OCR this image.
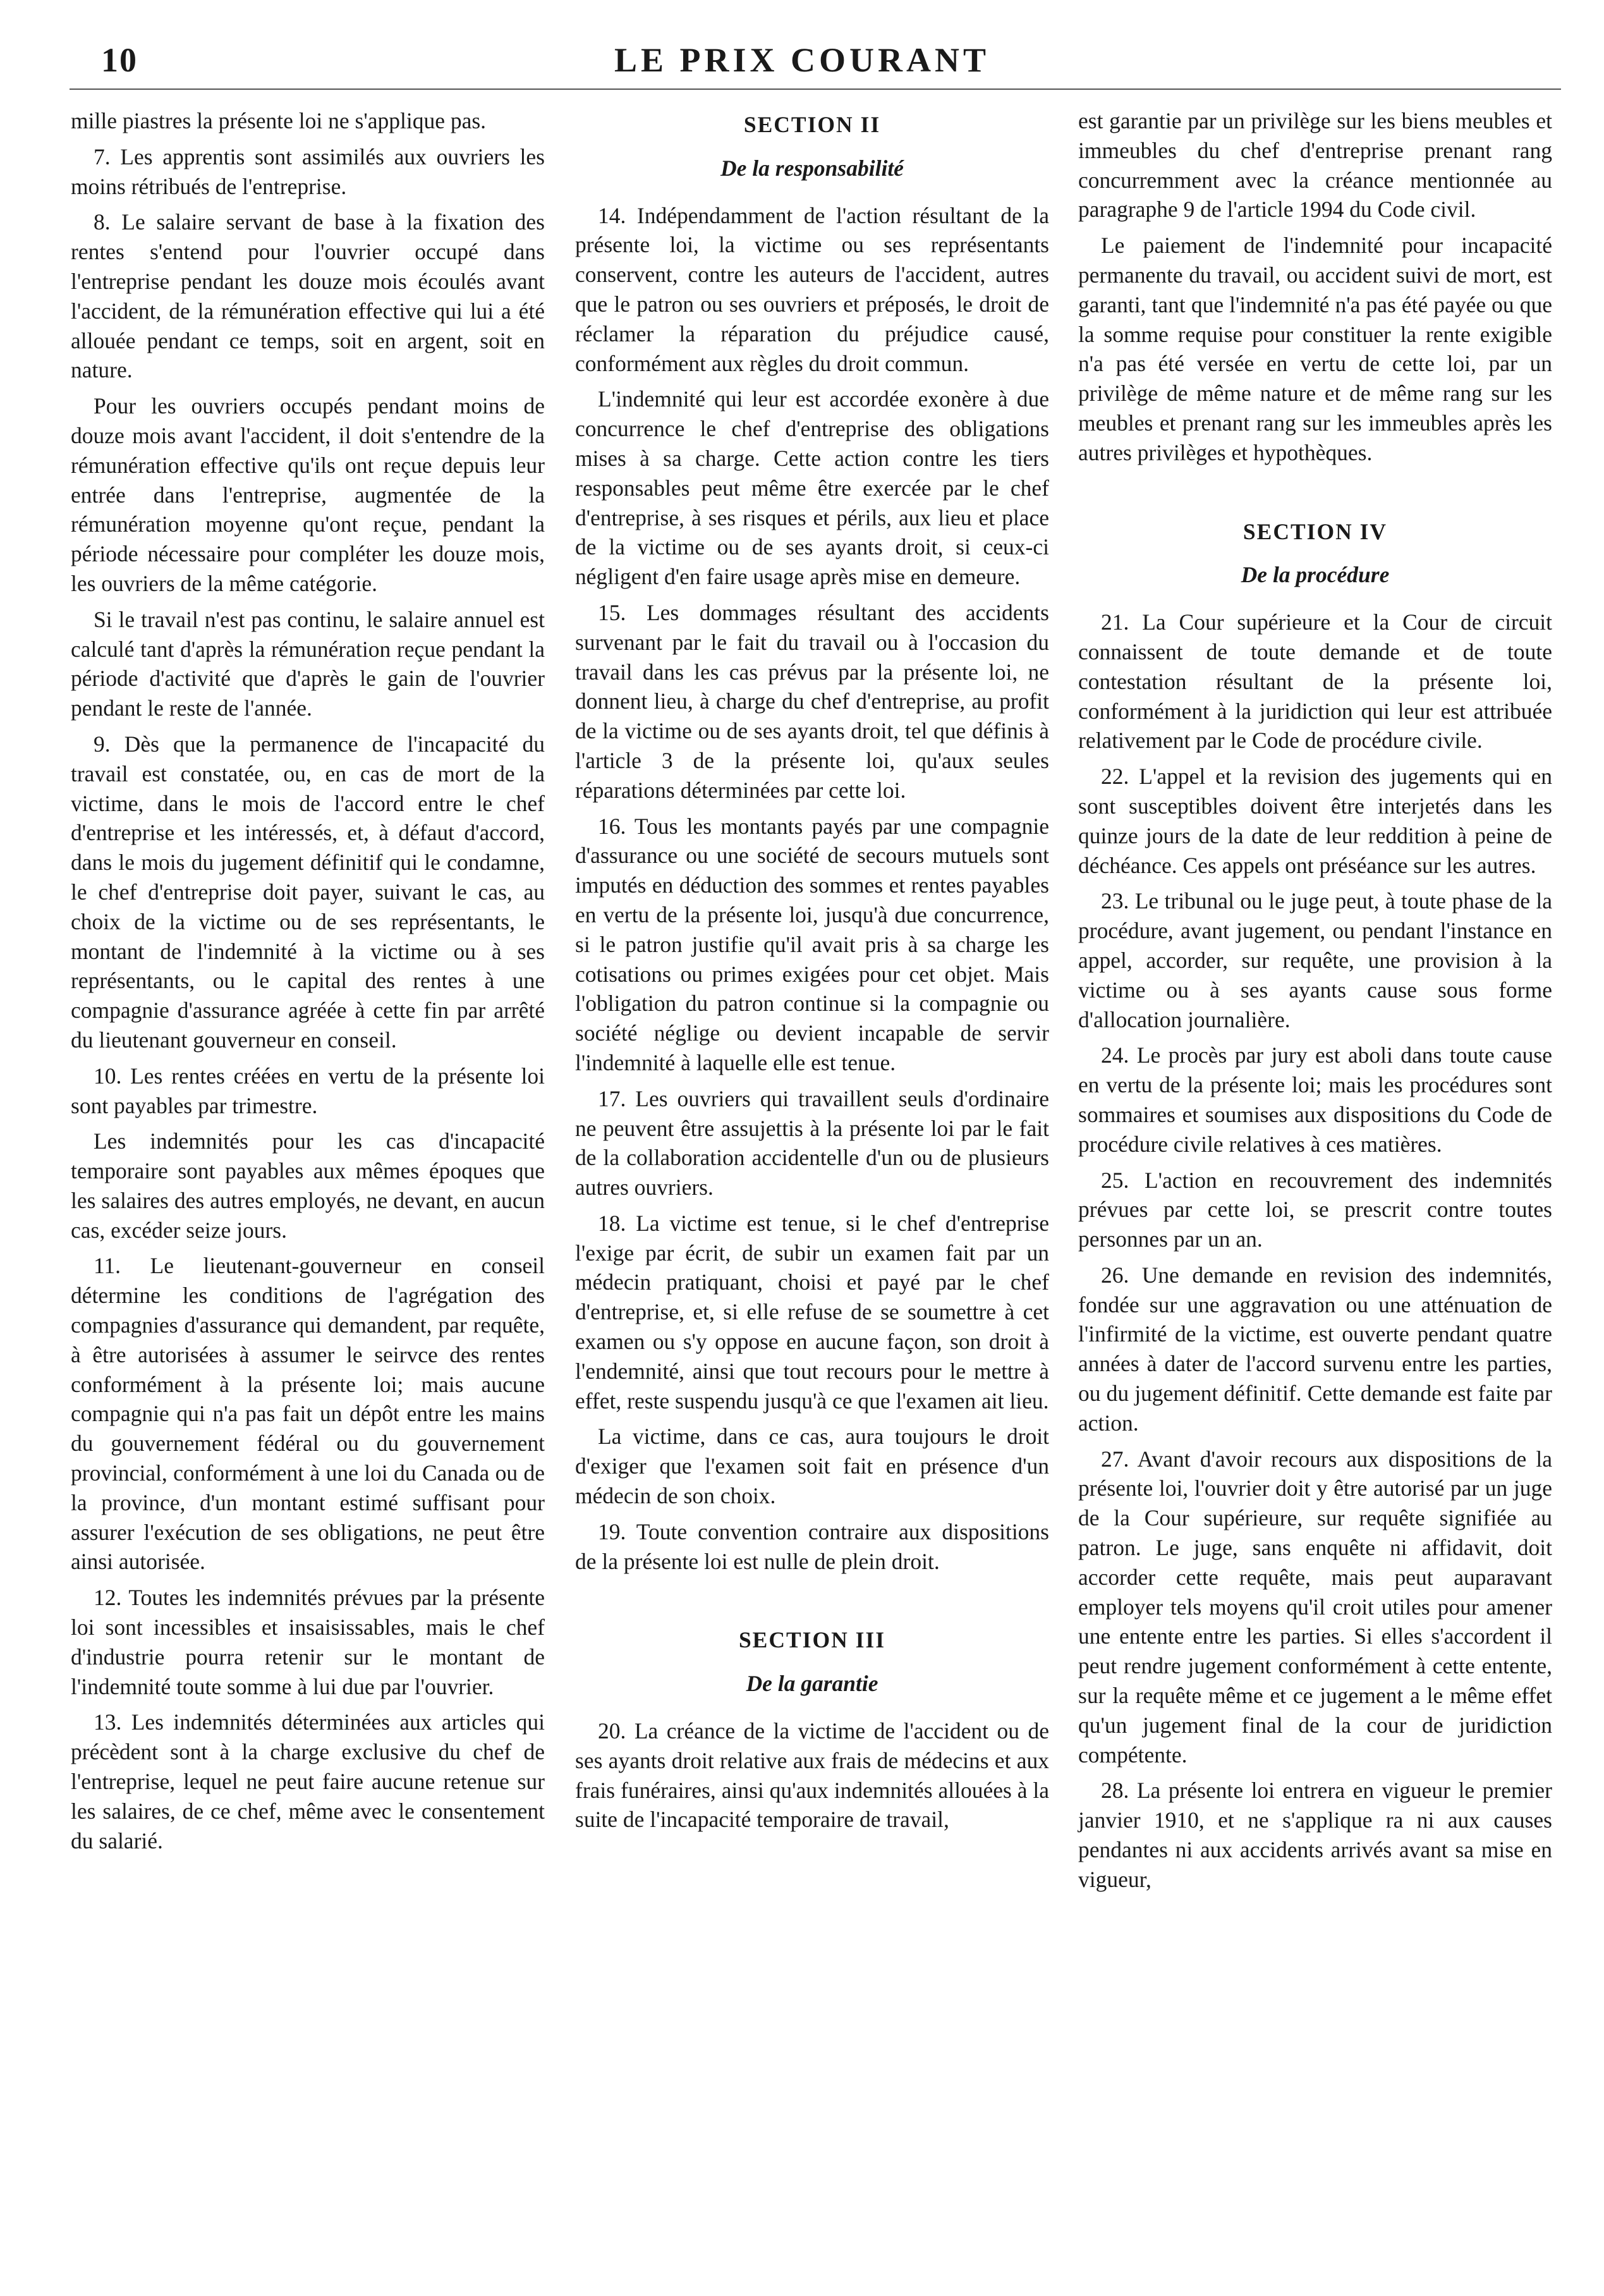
10	LE PRIX COURANT

mille piastres la présente loi ne s'applique pas.

7. Les apprentis sont assimilés aux ouvriers les moins rétribués de l'entreprise.

8. Le salaire servant de base à la fixation des rentes s'entend pour l'ouvrier occupé dans l'entreprise pendant les douze mois écoulés avant l'accident, de la rémunération effective qui lui a été allouée pendant ce temps, soit en argent, soit en nature.

Pour les ouvriers occupés pendant moins de douze mois avant l'accident, il doit s'entendre de la rémunération effective qu'ils ont reçue depuis leur entrée dans l'entreprise, augmentée de la rémunération moyenne qu'ont reçue, pendant la période nécessaire pour compléter les douze mois, les ouvriers de la même catégorie.

Si le travail n'est pas continu, le salaire annuel est calculé tant d'après la rémunération reçue pendant la période d'activité que d'après le gain de l'ouvrier pendant le reste de l'année.

9. Dès que la permanence de l'incapacité du travail est constatée, ou, en cas de mort de la victime, dans le mois de l'accord entre le chef d'entreprise et les intéressés, et, à défaut d'accord, dans le mois du jugement définitif qui le condamne, le chef d'entreprise doit payer, suivant le cas, au choix de la victime ou de ses représentants, le montant de l'indemnité à la victime ou à ses représentants, ou le capital des rentes à une compagnie d'assurance agréée à cette fin par arrêté du lieutenant gouverneur en conseil.

10. Les rentes créées en vertu de la présente loi sont payables par trimestre.

Les indemnités pour les cas d'incapacité temporaire sont payables aux mêmes époques que les salaires des autres employés, ne devant, en aucun cas, excéder seize jours.

11. Le lieutenant-gouverneur en conseil détermine les conditions de l'agrégation des compagnies d'assurance qui demandent, par requête, à être autorisées à assumer le seirvce des rentes conformément à la présente loi; mais aucune compagnie qui n'a pas fait un dépôt entre les mains du gouvernement fédéral ou du gouvernement provincial, conformément à une loi du Canada ou de la province, d'un montant estimé suffisant pour assurer l'exécution de ses obligations, ne peut être ainsi autorisée.

12. Toutes les indemnités prévues par la présente loi sont incessibles et insaisissables, mais le chef d'industrie pourra retenir sur le montant de l'indemnité toute somme à lui due par l'ouvrier.

13. Les indemnités déterminées aux articles qui précèdent sont à la charge exclusive du chef de l'entreprise, lequel ne peut faire aucune retenue sur les salaires, de ce chef, même avec le consentement du salarié.

SECTION II

De la responsabilité

14. Indépendamment de l'action résultant de la présente loi, la victime ou ses représentants conservent, contre les auteurs de l'accident, autres que le patron ou ses ouvriers et préposés, le droit de réclamer la réparation du préjudice causé, conformément aux règles du droit commun.

L'indemnité qui leur est accordée exonère à due concurrence le chef d'entreprise des obligations mises à sa charge. Cette action contre les tiers responsables peut même être exercée par le chef d'entreprise, à ses risques et périls, aux lieu et place de la victime ou de ses ayants droit, si ceux-ci négligent d'en faire usage après mise en demeure.

15. Les dommages résultant des accidents survenant par le fait du travail ou à l'occasion du travail dans les cas prévus par la présente loi, ne donnent lieu, à charge du chef d'entreprise, au profit de la victime ou de ses ayants droit, tel que définis à l'article 3 de la présente loi, qu'aux seules réparations déterminées par cette loi.

16. Tous les montants payés par une compagnie d'assurance ou une société de secours mutuels sont imputés en déduction des sommes et rentes payables en vertu de la présente loi, jusqu'à due concurrence, si le patron justifie qu'il avait pris à sa charge les cotisations ou primes exigées pour cet objet. Mais l'obligation du patron continue si la compagnie ou société néglige ou devient incapable de servir l'indemnité à laquelle elle est tenue.

17. Les ouvriers qui travaillent seuls d'ordinaire ne peuvent être assujettis à la présente loi par le fait de la collaboration accidentelle d'un ou de plusieurs autres ouvriers.

18. La victime est tenue, si le chef d'entreprise l'exige par écrit, de subir un examen fait par un médecin pratiquant, choisi et payé par le chef d'entreprise, et, si elle refuse de se soumettre à cet examen ou s'y oppose en aucune façon, son droit à l'endemnité, ainsi que tout recours pour le mettre à effet, reste suspendu jusqu'à ce que l'examen ait lieu.

La victime, dans ce cas, aura toujours le droit d'exiger que l'examen soit fait en présence d'un médecin de son choix.

19. Toute convention contraire aux dispositions de la présente loi est nulle de plein droit.

SECTION III

De la garantie

20. La créance de la victime de l'accident ou de ses ayants droit relative aux frais de médecins et aux frais funéraires, ainsi qu'aux indemnités allouées à la suite de l'incapacité temporaire de travail,

est garantie par un privilège sur les biens meubles et immeubles du chef d'entreprise prenant rang concurremment avec la créance mentionnée au paragraphe 9 de l'article 1994 du Code civil.

Le paiement de l'indemnité pour incapacité permanente du travail, ou accident suivi de mort, est garanti, tant que l'indemnité n'a pas été payée ou que la somme requise pour constituer la rente exigible n'a pas été versée en vertu de cette loi, par un privilège de même nature et de même rang sur les meubles et prenant rang sur les immeubles après les autres privilèges et hypothèques.

SECTION IV

De la procédure

21. La Cour supérieure et la Cour de circuit connaissent de toute demande et de toute contestation résultant de la présente loi, conformément à la juridiction qui leur est attribuée relativement par le Code de procédure civile.

22. L'appel et la revision des jugements qui en sont susceptibles doivent être interjetés dans les quinze jours de la date de leur reddition à peine de déchéance. Ces appels ont préséance sur les autres.

23. Le tribunal ou le juge peut, à toute phase de la procédure, avant jugement, ou pendant l'instance en appel, accorder, sur requête, une provision à la victime ou à ses ayants cause sous forme d'allocation journalière.

24. Le procès par jury est aboli dans toute cause en vertu de la présente loi; mais les procédures sont sommaires et soumises aux dispositions du Code de procédure civile relatives à ces matières.

25. L'action en recouvrement des indemnités prévues par cette loi, se prescrit contre toutes personnes par un an.

26. Une demande en revision des indemnités, fondée sur une aggravation ou une atténuation de l'infirmité de la victime, est ouverte pendant quatre années à dater de l'accord survenu entre les parties, ou du jugement définitif. Cette demande est faite par action.

27. Avant d'avoir recours aux dispositions de la présente loi, l'ouvrier doit y être autorisé par un juge de la Cour supérieure, sur requête signifiée au patron. Le juge, sans enquête ni affidavit, doit accorder cette requête, mais peut auparavant employer tels moyens qu'il croit utiles pour amener une entente entre les parties. Si elles s'accordent il peut rendre jugement conformément à cette entente, sur la requête même et ce jugement a le même effet qu'un jugement final de la cour de juridiction compétente.

28. La présente loi entrera en vigueur le premier janvier 1910, et ne s'applique ra ni aux causes pendantes ni aux accidents arrivés avant sa mise en vigueur,
